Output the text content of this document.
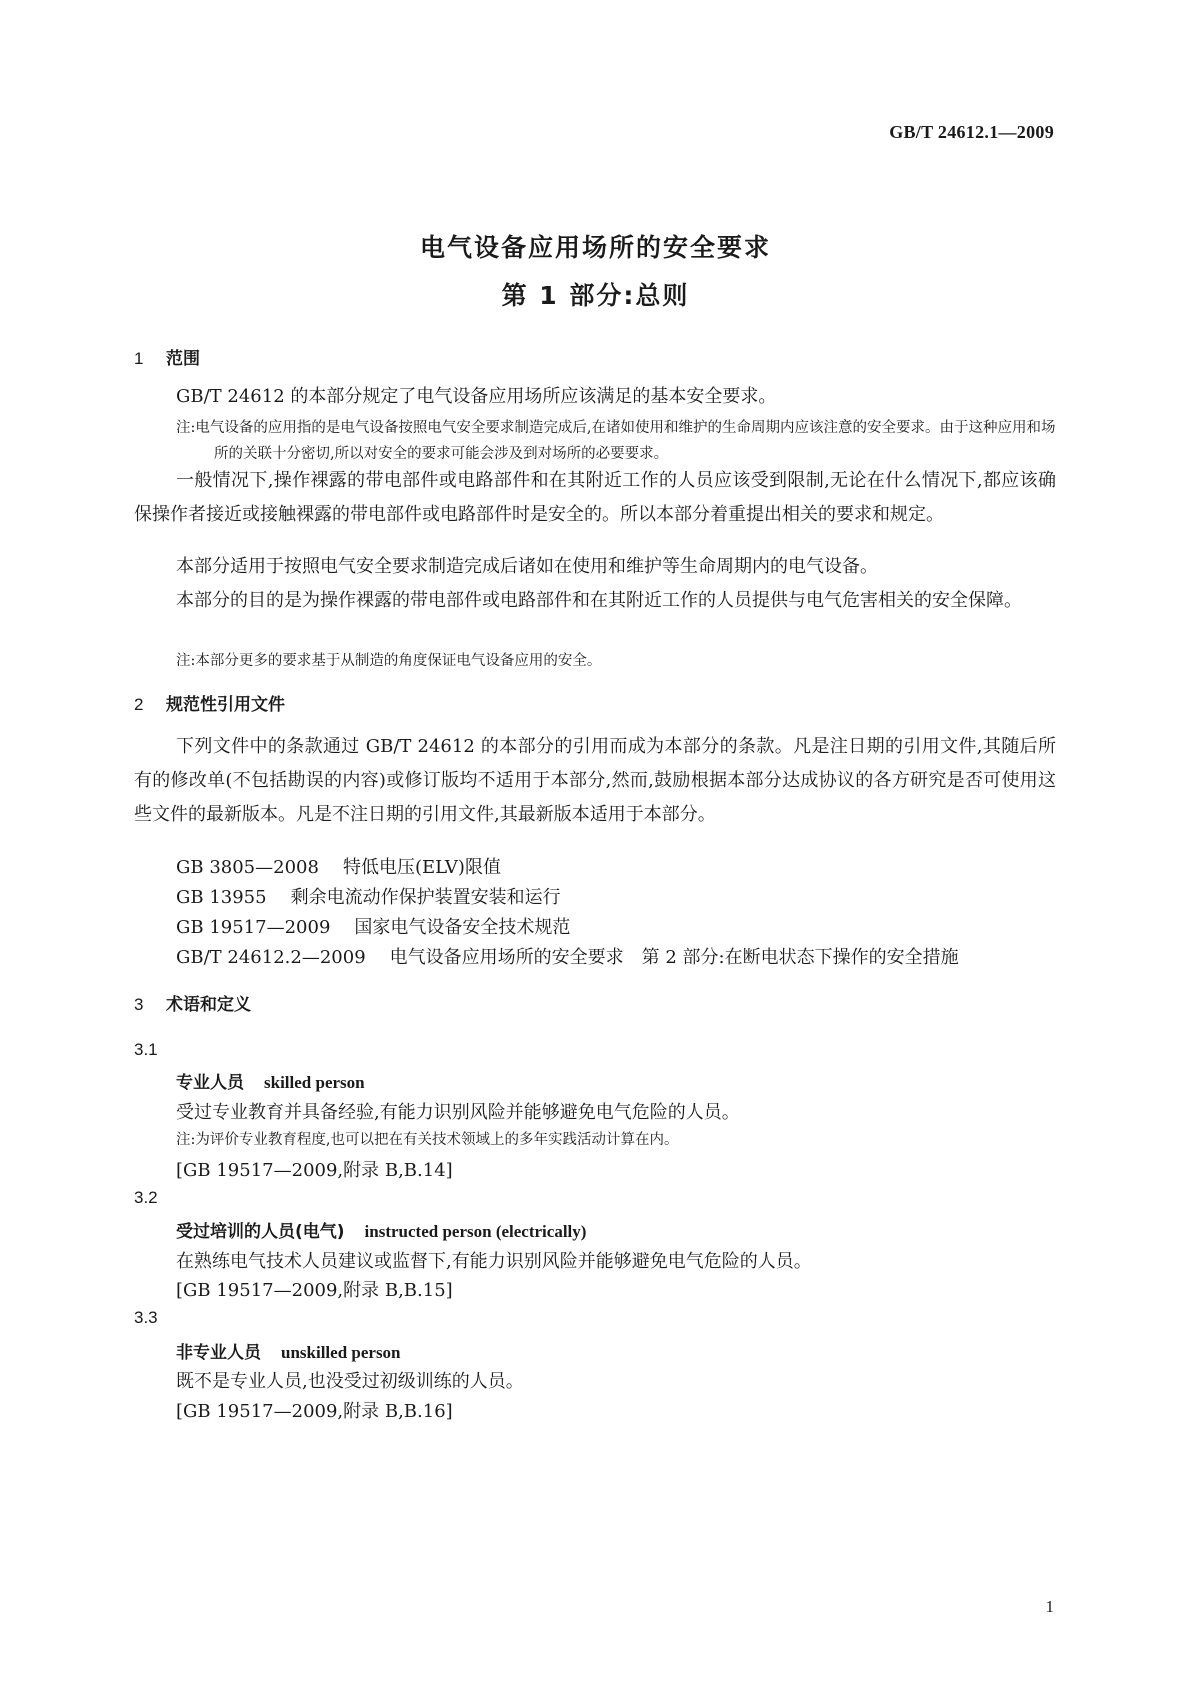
GB/T 24612.1—2009
电气设备应用场所的安全要求
第 1 部分:总则
1 范围

GB/T 24612 的本部分规定了电气设备应用场所应该满足的基本安全要求。

注:电气设备的应用指的是电气设备按照电气安全要求制造完成后,在诸如使用和维护的生命周期内应该注意的安全要求。由于这种应用和场所的关联十分密切,所以对安全的要求可能会涉及到对场所的必要要求。

一般情况下,操作裸露的带电部件或电路部件和在其附近工作的人员应该受到限制,无论在什么情况下,都应该确保操作者接近或接触裸露的带电部件或电路部件时是安全的。所以本部分着重提出相关的要求和规定。

本部分适用于按照电气安全要求制造完成后诸如在使用和维护等生命周期内的电气设备。

本部分的目的是为操作裸露的带电部件或电路部件和在其附近工作的人员提供与电气危害相关的安全保障。

注:本部分更多的要求基于从制造的角度保证电气设备应用的安全。

2 规范性引用文件

下列文件中的条款通过 GB/T 24612 的本部分的引用而成为本部分的条款。凡是注日期的引用文件,其随后所有的修改单(不包括勘误的内容)或修订版均不适用于本部分,然而,鼓励根据本部分达成协议的各方研究是否可使用这些文件的最新版本。凡是不注日期的引用文件,其最新版本适用于本部分。

GB 3805—2008 特低电压(ELV)限值
GB 13955 剩余电流动作保护装置安装和运行
GB 19517—2009 国家电气设备安全技术规范
GB/T 24612.2—2009 电气设备应用场所的安全要求　第 2 部分:在断电状态下操作的安全措施
3 术语和定义
3.1
专业人员 skilled person
受过专业教育并具备经验,有能力识别风险并能够避免电气危险的人员。
注:为评价专业教育程度,也可以把在有关技术领域上的多年实践活动计算在内。
[GB 19517—2009,附录 B,B.14]
3.2
受过培训的人员(电气) instructed person (electrically)
在熟练电气技术人员建议或监督下,有能力识别风险并能够避免电气危险的人员。
[GB 19517—2009,附录 B,B.15]
3.3
非专业人员 unskilled person
既不是专业人员,也没受过初级训练的人员。
[GB 19517—2009,附录 B,B.16]
1
